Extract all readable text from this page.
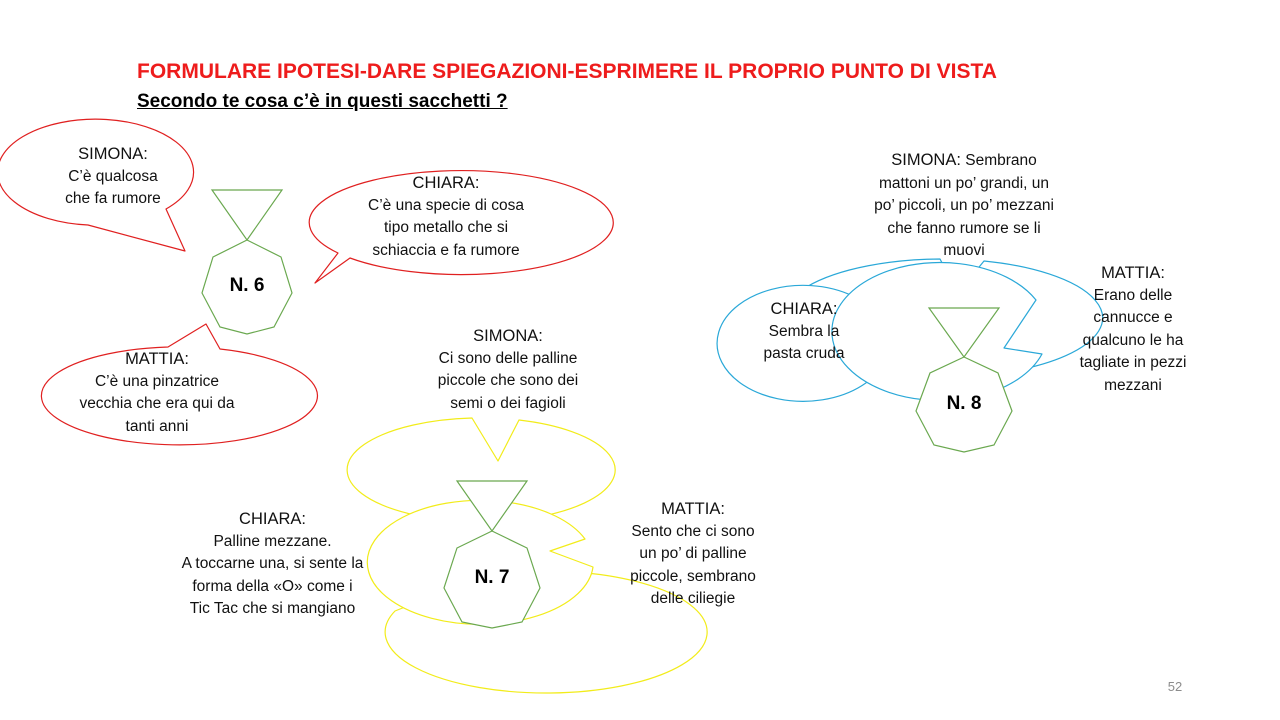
FORMULARE IPOTESI-DARE SPIEGAZIONI-ESPRIMERE IL PROPRIO PUNTO DI VISTA
Secondo te cosa c’è in questi sacchetti ?
N. 6
N. 7
N. 8
SIMONA:
C’è qualcosa
che fa rumore
CHIARA:
C’è una specie di cosa
tipo metallo che si
schiaccia e fa rumore
MATTIA:
C’è una pinzatrice
vecchia che era qui da
tanti anni
SIMONA:
Ci sono delle palline
piccole che sono dei
semi o dei fagioli
CHIARA:
Palline mezzane.
A toccarne una, si sente la
forma della «O» come i
Tic Tac che si mangiano
MATTIA:
Sento che ci sono
un po’ di palline
piccole, sembrano
delle ciliegie
SIMONA: Sembrano
mattoni un po’ grandi, un
po’ piccoli, un po’ mezzani
che fanno rumore se li
muovi
CHIARA:
Sembra la
pasta cruda
MATTIA:
Erano delle
cannucce e
qualcuno le ha
tagliate in pezzi
mezzani
52
